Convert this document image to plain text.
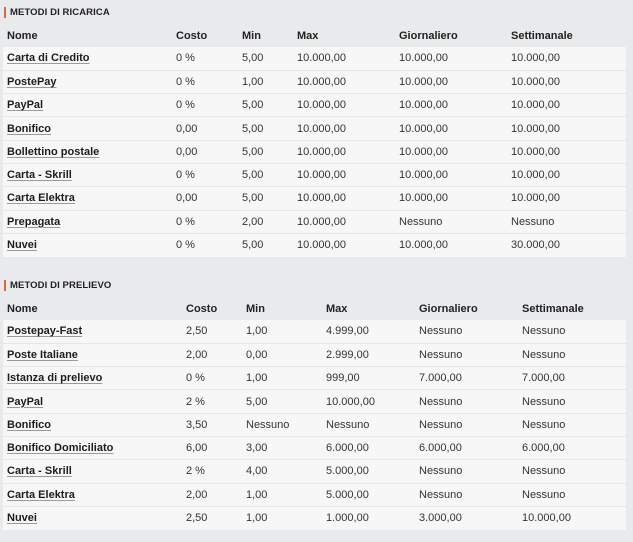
METODI DI RICARICA
Nome	Costo	Min	Max	Giornaliero	Settimanale
Carta di Credito	0 %	5,00	10.000,00	10.000,00	10.000,00
PostePay	0 %	1,00	10.000,00	10.000,00	10.000,00
PayPal	0 %	5,00	10.000,00	10.000,00	10.000,00
Bonifico	0,00	5,00	10.000,00	10.000,00	10.000,00
Bollettino postale	0,00	5,00	10.000,00	10.000,00	10.000,00
Carta - Skrill	0 %	5,00	10.000,00	10.000,00	10.000,00
Carta Elektra	0,00	5,00	10.000,00	10.000,00	10.000,00
Prepagata	0 %	2,00	10.000,00	Nessuno	Nessuno
Nuvei	0 %	5,00	10.000,00	10.000,00	30.000,00
METODI DI PRELIEVO
Nome	Costo	Min	Max	Giornaliero	Settimanale
Postepay-Fast	2,50	1,00	4.999,00	Nessuno	Nessuno
Poste Italiane	2,00	0,00	2.999,00	Nessuno	Nessuno
Istanza di prelievo	0 %	1,00	999,00	7.000,00	7.000,00
PayPal	2 %	5,00	10.000,00	Nessuno	Nessuno
Bonifico	3,50	Nessuno	Nessuno	Nessuno	Nessuno
Bonifico Domiciliato	6,00	3,00	6.000,00	6.000,00	6.000,00
Carta - Skrill	2 %	4,00	5.000,00	Nessuno	Nessuno
Carta Elektra	2,00	1,00	5.000,00	Nessuno	Nessuno
Nuvei	2,50	1,00	1.000,00	3.000,00	10.000,00
